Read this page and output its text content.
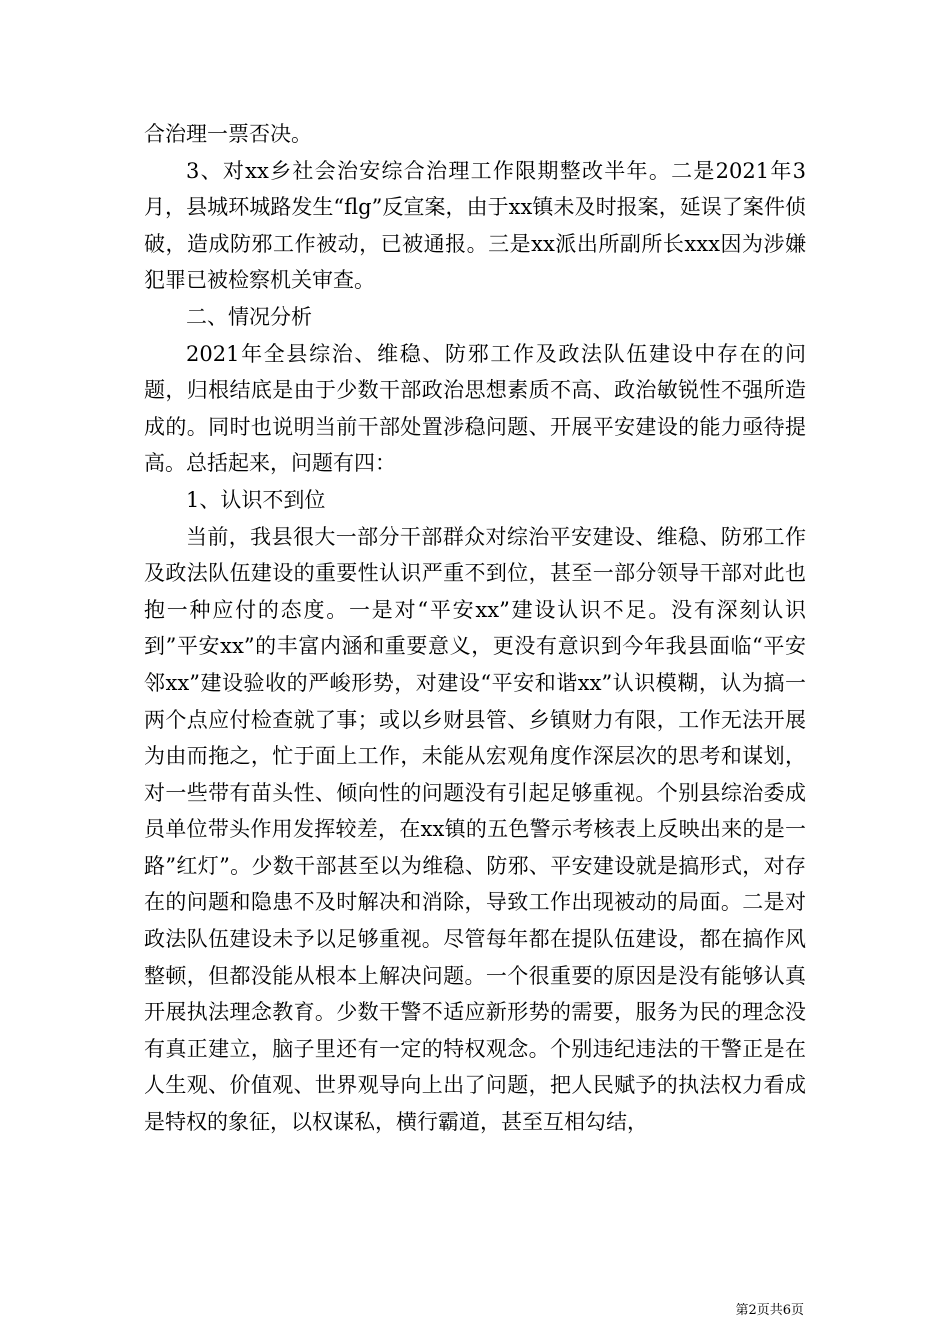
合治理一票否决。

3、对xx乡社会治安综合治理工作限期整改半年。二是2021年3月，县城环城路发生“flg”反宣案，由于xx镇未及时报案，延误了案件侦破，造成防邪工作被动，已被通报。三是xx派出所副所长xxx因为涉嫌犯罪已被检察机关审查。

二、情况分析

2021年全县综治、维稳、防邪工作及政法队伍建设中存在的问题，归根结底是由于少数干部政治思想素质不高、政治敏锐性不强所造成的。同时也说明当前干部处置涉稳问题、开展平安建设的能力亟待提高。总括起来，问题有四：

1、认识不到位

当前，我县很大一部分干部群众对综治平安建设、维稳、防邪工作及政法队伍建设的重要性认识严重不到位，甚至一部分领导干部对此也抱一种应付的态度。一是对“平安xx”建设认识不足。没有深刻认识到”平安xx”的丰富内涵和重要意义，更没有意识到今年我县面临“平安邻xx”建设验收的严峻形势，对建设“平安和谐xx”认识模糊，认为搞一两个点应付检查就了事；或以乡财县管、乡镇财力有限，工作无法开展为由而拖之，忙于面上工作，未能从宏观角度作深层次的思考和谋划，对一些带有苗头性、倾向性的问题没有引起足够重视。个别县综治委成员单位带头作用发挥较差，在xx镇的五色警示考核表上反映出来的是一路”红灯”。少数干部甚至以为维稳、防邪、平安建设就是搞形式，对存在的问题和隐患不及时解决和消除，导致工作出现被动的局面。二是对政法队伍建设未予以足够重视。尽管每年都在提队伍建设，都在搞作风整顿，但都没能从根本上解决问题。一个很重要的原因是没有能够认真开展执法理念教育。少数干警不适应新形势的需要，服务为民的理念没有真正建立，脑子里还有一定的特权观念。个别违纪违法的干警正是在人生观、价值观、世界观导向上出了问题，把人民赋予的执法权力看成是特权的象征，以权谋私，横行霸道，甚至互相勾结，

第2页共6页
